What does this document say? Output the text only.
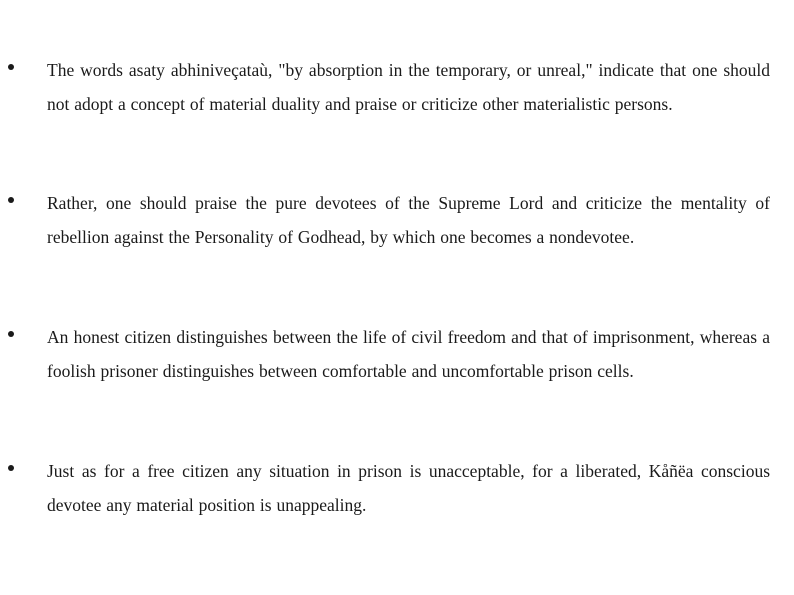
The words asaty abhiniveçataù, "by absorption in the temporary, or unreal," indicate that one should not adopt a concept of material duality and praise or criticize other materialistic persons.

Rather, one should praise the pure devotees of the Supreme Lord and criticize the mentality of rebellion against the Personality of Godhead, by which one becomes a nondevotee.

An honest citizen distinguishes between the life of civil freedom and that of imprisonment, whereas a foolish prisoner distinguishes between comfortable and uncomfortable prison cells.

Just as for a free citizen any situation in prison is unacceptable, for a liberated, Kåñëa conscious devotee any material position is unappealing.
